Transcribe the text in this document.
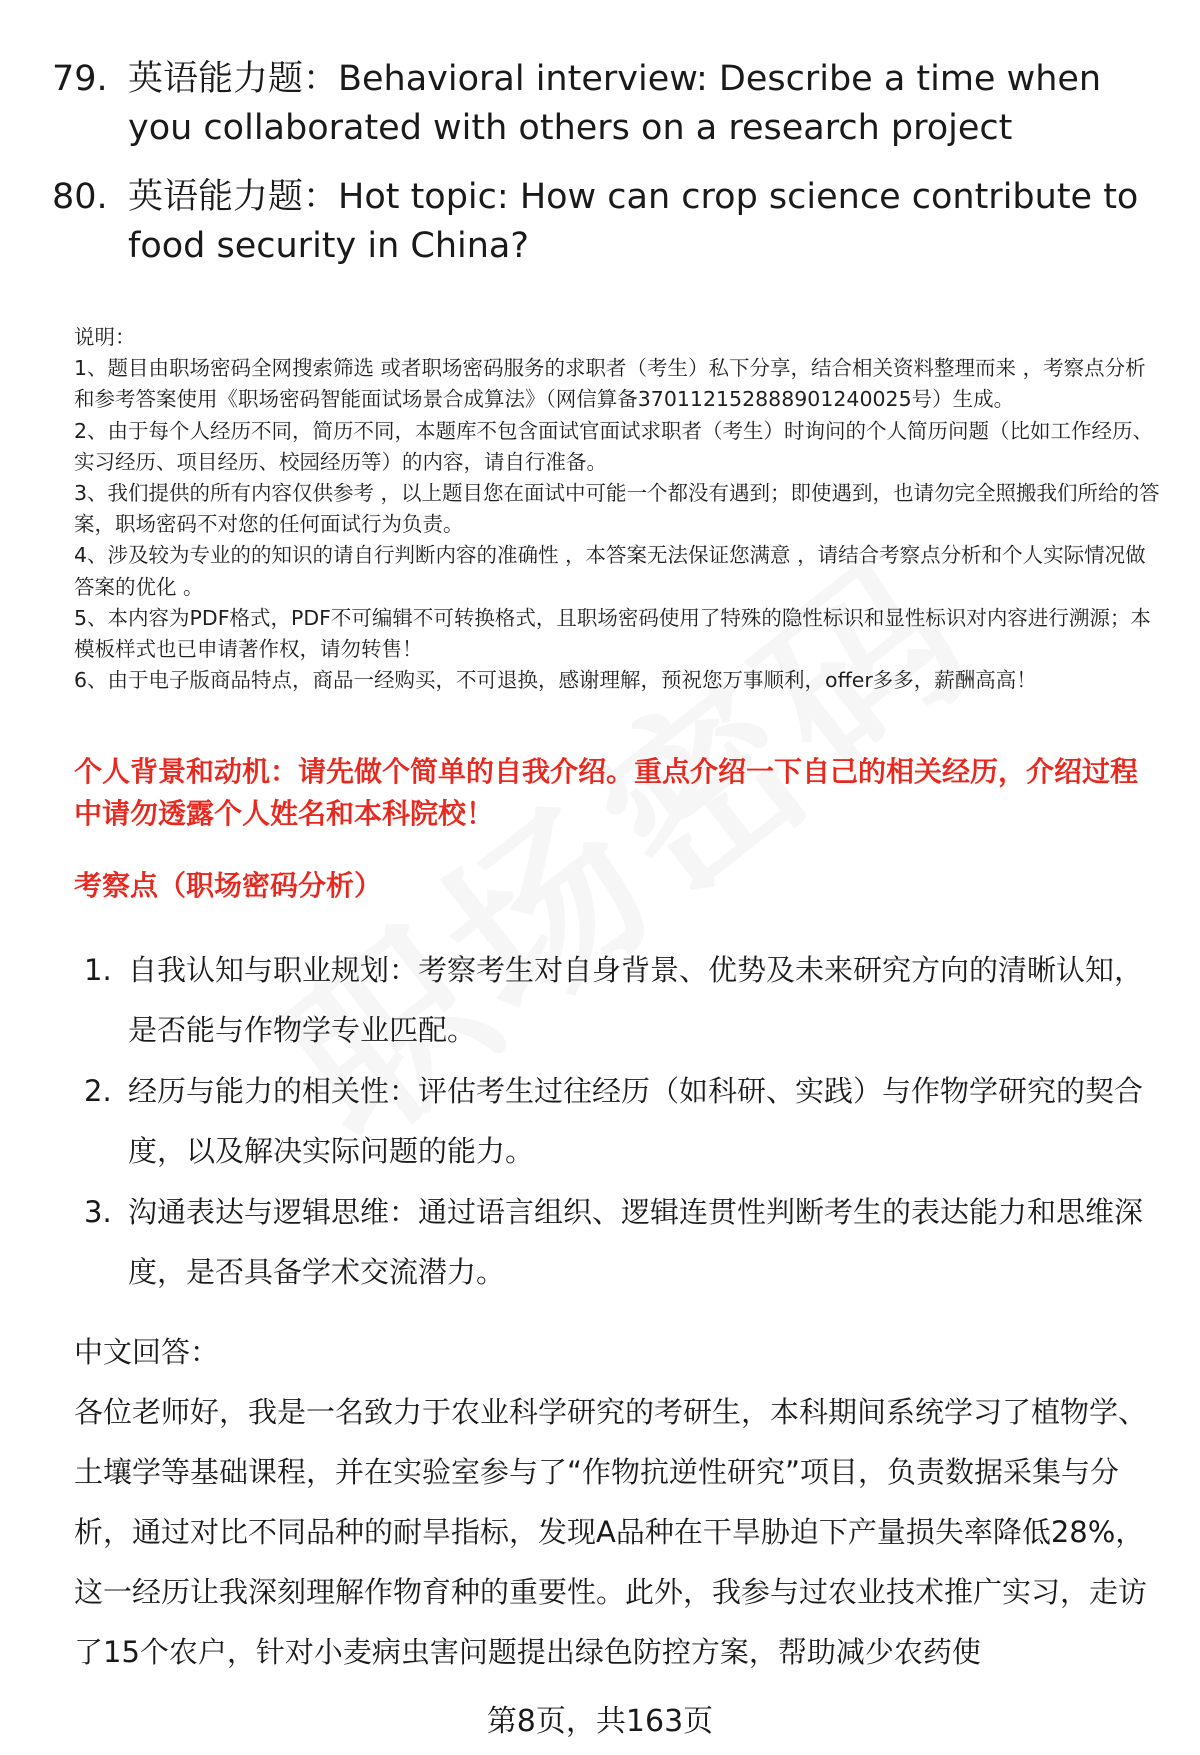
79. 英语能力题：Behavioral interview: Describe a time when you collaborated with others on a research project
80. 英语能力题：Hot topic: How can crop science contribute to food security in China?

说明：

1、题目由职场密码全网搜索筛选 或者职场密码服务的求职者（考生）私下分享，结合相关资料整理而来 ，考察点分析和参考答案使用《职场密码智能面试场景合成算法》（网信算备370112152888901240025号）生成。

2、由于每个人经历不同，简历不同，本题库不包含面试官面试求职者（考生）时询问的个人简历问题（比如工作经历、实习经历、项目经历、校园经历等）的内容，请自行准备。

3、我们提供的所有内容仅供参考 ，以上题目您在面试中可能一个都没有遇到；即使遇到，也请勿完全照搬我们所给的答案，职场密码不对您的任何面试行为负责。

4、涉及较为专业的的知识的请自行判断内容的准确性 ，本答案无法保证您满意 ，请结合考察点分析和个人实际情况做答案的优化 。

5、本内容为PDF格式，PDF不可编辑不可转换格式，且职场密码使用了特殊的隐性标识和显性标识对内容进行溯源；本模板样式也已申请著作权，请勿转售！

6、由于电子版商品特点，商品一经购买，不可退换，感谢理解，预祝您万事顺利，offer多多，薪酬高高！

个人背景和动机：请先做个简单的自我介绍。重点介绍一下自己的相关经历，介绍过程中请勿透露个人姓名和本科院校！
考察点（职场密码分析）
1. 自我认知与职业规划：考察考生对自身背景、优势及未来研究方向的清晰认知，是否能与作物学专业匹配。
2. 经历与能力的相关性：评估考生过往经历（如科研、实践）与作物学研究的契合度，以及解决实际问题的能力。
3. 沟通表达与逻辑思维：通过语言组织、逻辑连贯性判断考生的表达能力和思维深度，是否具备学术交流潜力。
中文回答：

各位老师好，我是一名致力于农业科学研究的考研生，本科期间系统学习了植物学、土壤学等基础课程，并在实验室参与了“作物抗逆性研究”项目，负责数据采集与分析，通过对比不同品种的耐旱指标，发现A品种在干旱胁迫下产量损失率降低28%，这一经历让我深刻理解作物育种的重要性。此外，我参与过农业技术推广实习，走访了15个农户，针对小麦病虫害问题提出绿色防控方案，帮助减少农药使

第8页，共163页
